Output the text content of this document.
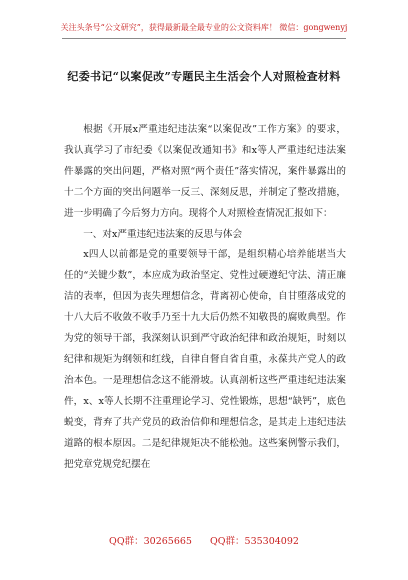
关注头条号“公文研究”，获得最新最全最专业的公文资料库！ 微信：gongwenyj
纪委书记“以案促改”专题民主生活会个人对照检查材料

根据《开展x严重违纪违法案“以案促改”工作方案》的要求，我认真学习了市纪委《以案促改通知书》和x等人严重违纪违法案件暴露的突出问题，严格对照“两个责任”落实情况，案件暴露出的十二个方面的突出问题举一反三、深刻反思，并制定了整改措施，进一步明确了今后努力方向。现将个人对照检查情况汇报如下：

一、对x严重违纪违法案的反思与体会

x四人以前都是党的重要领导干部，是组织精心培养能堪当大任的“关键少数”，本应成为政治坚定、党性过硬遵纪守法、清正廉洁的表率，但因为丧失理想信念，背离初心使命，自甘堕落成党的十八大后不收敛不收手乃至十九大后仍然不知敬畏的腐败典型。作为党的领导干部，我深刻认识到严守政治纪律和政治规矩，时刻以纪律和规矩为纲领和红线，自律自督自省自重，永葆共产党人的政治本色。一是理想信念这不能滑坡。认真剖析这些严重违纪违法案件，x、x等人长期不注重理论学习、党性锻炼，思想“缺钙”，底色蜕变，背弃了共产党员的政治信仰和理想信念，是其走上违纪违法道路的根本原因。二是纪律规矩决不能松弛。这些案例警示我们，把党章党规党纪摆在

QQ群：30265665 QQ群：535304092
